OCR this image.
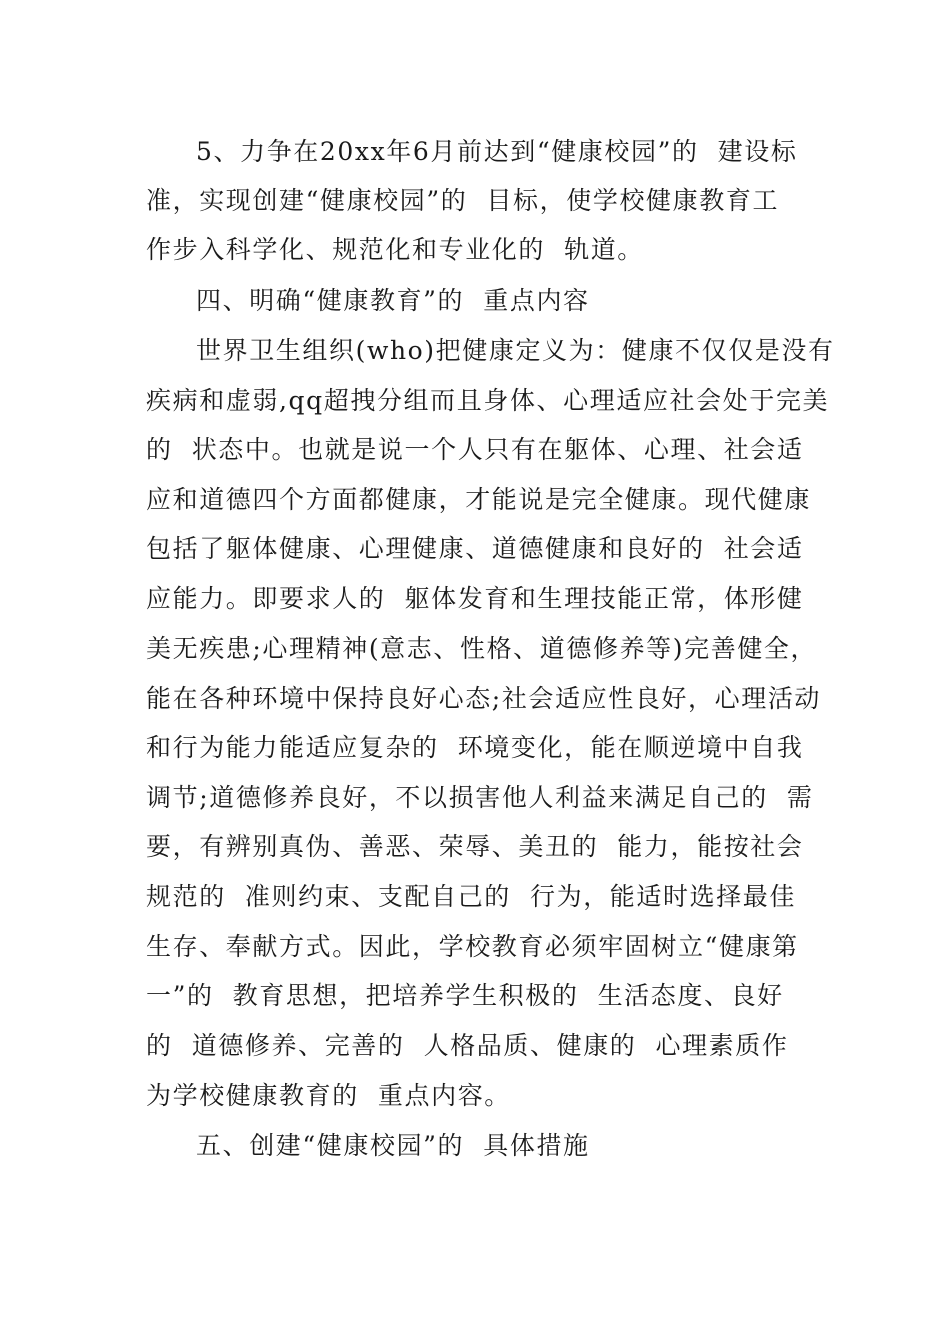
5、力争在20xx年6月前达到“健康校园”的  建设标
准，实现创建“健康校园”的  目标，使学校健康教育工
作步入科学化、规范化和专业化的  轨道。
四、明确“健康教育”的  重点内容
世界卫生组织(who)把健康定义为：健康不仅仅是没有
疾病和虚弱,qq超拽分组而且身体、心理适应社会处于完美
的  状态中。也就是说一个人只有在躯体、心理、社会适
应和道德四个方面都健康，才能说是完全健康。现代健康
包括了躯体健康、心理健康、道德健康和良好的  社会适
应能力。即要求人的  躯体发育和生理技能正常，体形健
美无疾患;心理精神(意志、性格、道德修养等)完善健全，
能在各种环境中保持良好心态;社会适应性良好，心理活动
和行为能力能适应复杂的  环境变化，能在顺逆境中自我
调节;道德修养良好，不以损害他人利益来满足自己的  需
要，有辨别真伪、善恶、荣辱、美丑的  能力，能按社会
规范的  准则约束、支配自己的  行为，能适时选择最佳
生存、奉献方式。因此，学校教育必须牢固树立“健康第
一”的  教育思想，把培养学生积极的  生活态度、良好
的  道德修养、完善的  人格品质、健康的  心理素质作
为学校健康教育的  重点内容。
五、创建“健康校园”的  具体措施
